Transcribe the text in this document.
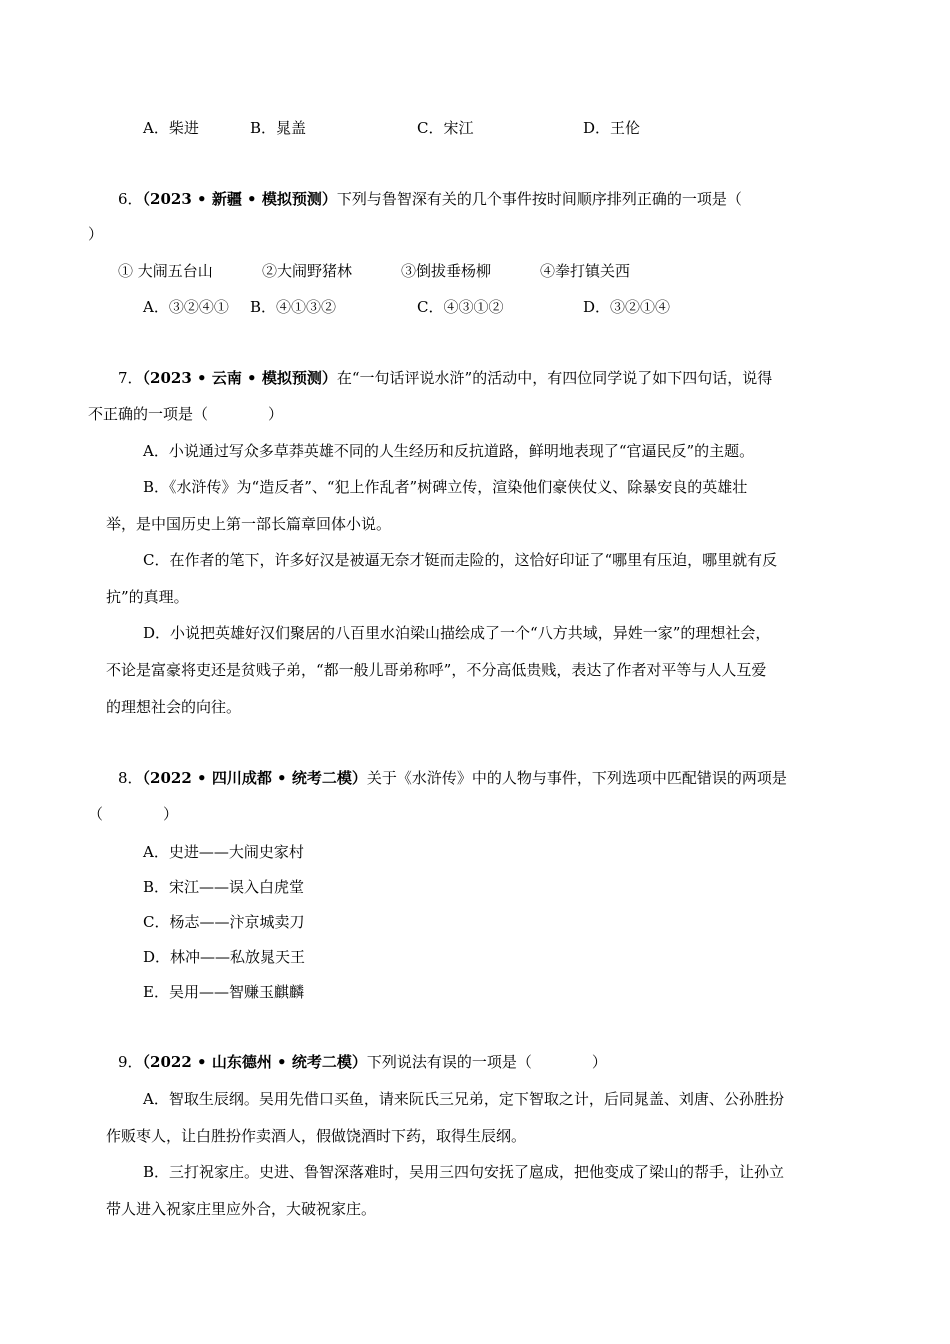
A．柴进	B．晁盖	C．宋江	D．王伦
6．（2023 • 新疆 • 模拟预测）下列与鲁智深有关的几个事件按时间顺序排列正确的一项是（
）
① 大闹五台山	②大闹野猪林	③倒拔垂杨柳	④拳打镇关西
A．③②④① B．④①③②	C．④③①②	D．③②①④
7．（2023 • 云南 • 模拟预测）在“一句话评说水浒”的活动中，有四位同学说了如下四句话，说得
不正确的一项是（　　　　）
A．小说通过写众多草莽英雄不同的人生经历和反抗道路，鲜明地表现了“官逼民反”的主题。
B．《水浒传》为“造反者”、“犯上作乱者”树碑立传，渲染他们豪侠仗义、除暴安良的英雄壮
举，是中国历史上第一部长篇章回体小说。
C．在作者的笔下，许多好汉是被逼无奈才铤而走险的，这恰好印证了“哪里有压迫，哪里就有反
抗”的真理。
D．小说把英雄好汉们聚居的八百里水泊梁山描绘成了一个“八方共域，异姓一家”的理想社会，
不论是富豪将吏还是贫贱子弟，“都一般儿哥弟称呼”，不分高低贵贱，表达了作者对平等与人人互爱
的理想社会的向往。
8．（2022 • 四川成都 • 统考二模）关于《水浒传》中的人物与事件，下列选项中匹配错误的两项是
（　　　　）
A．史进——大闹史家村
B．宋江——误入白虎堂
C．杨志——汴京城卖刀
D．林冲——私放晁天王
E．吴用——智赚玉麒麟
9．（2022 • 山东德州 • 统考二模）下列说法有误的一项是（　　　　）
A．智取生辰纲。吴用先借口买鱼，请来阮氏三兄弟，定下智取之计，后同晁盖、刘唐、公孙胜扮
作贩枣人，让白胜扮作卖酒人，假做饶酒时下药，取得生辰纲。
B．三打祝家庄。史进、鲁智深落难时，吴用三四句安抚了扈成，把他变成了梁山的帮手，让孙立
带人进入祝家庄里应外合，大破祝家庄。
